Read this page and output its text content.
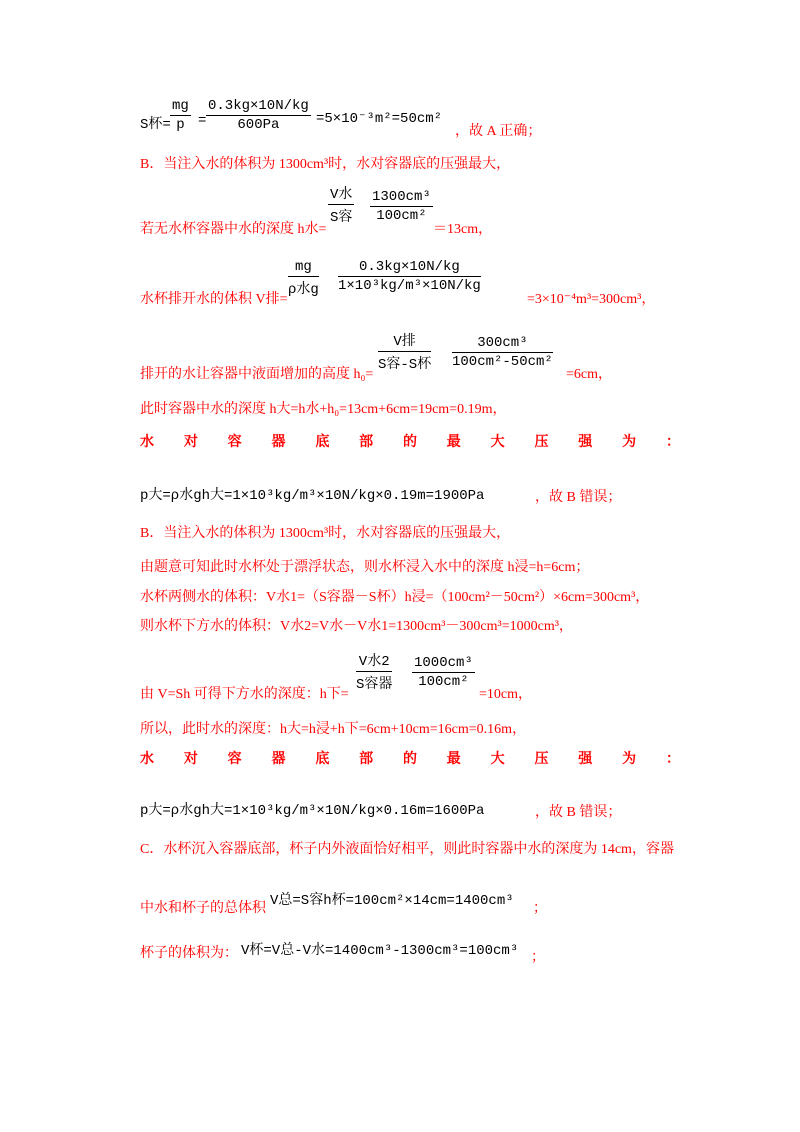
S杯= $\frac{mg}{p} = \frac{0.3kg\times 10N/kg}{600Pa} =5\times 10^{-3}m^2=50cm^2$
，故 A 正确；
B．当注入水的体积为 1300cm³时，水对容器底的压强最大，
V水
S容 $\frac{\text{1300cm³}}{\text{100cm²}}$
若无水杯容器中水的深度 h水=	＝13cm，
mg
ρ水g $\frac{0.3kg\times 10N/kg}{\text{1×10³kg/m³×10N/kg}}$
水杯排开水的体积 V排=	=3×10⁻⁴m³=300cm³，
V排
S容-S杯 $\frac{\text{300cm³}}{\text{100cm²-50cm²}}$
排开的水让容器中液面增加的高度 h₀=	=6cm，
此时容器中水的深度 h大=h水+h₀=13cm+6cm=19cm=0.19m，
水 对 容 器 底 部 的 最 大 压 强 为 ：
p大=ρ水gh大=1×10³kg/m³×10N/kg×0.19m=1900Pa	，故 B 错误；
B．当注入水的体积为 1300cm³时，水对容器底的压强最大，
由题意可知此时水杯处于漂浮状态，则水杯浸入水中的深度 h浸=h=6cm；
水杯两侧水的体积：V水1=（S容器－S杯）h浸=（100cm²－50cm²）×6cm=300cm³，
则水杯下方水的体积：V水2=V水－V水1=1300cm³－300cm³=1000cm³，
V水2
S容器 $\frac{\text{1000cm³}}{\text{100cm²}}$
由 V=Sh 可得下方水的深度：h下=	=10cm，
所以，此时水的深度：h大=h浸+h下=6cm+10cm=16cm=0.16m，
水 对 容 器 底 部 的 最 大 压 强 为 ：
p大=ρ水gh大=1×10³kg/m³×10N/kg×0.16m=1600Pa	，故 B 错误；
C．水杯沉入容器底部，杯子内外液面恰好相平，则此时容器中水的深度为 14cm，容器
中水和杯子的总体积 V总=S容h杯=100cm²×14cm=1400cm³ ；
杯子的体积为： V杯=V总-V水=1400cm³-1300cm³=100cm³ ；
